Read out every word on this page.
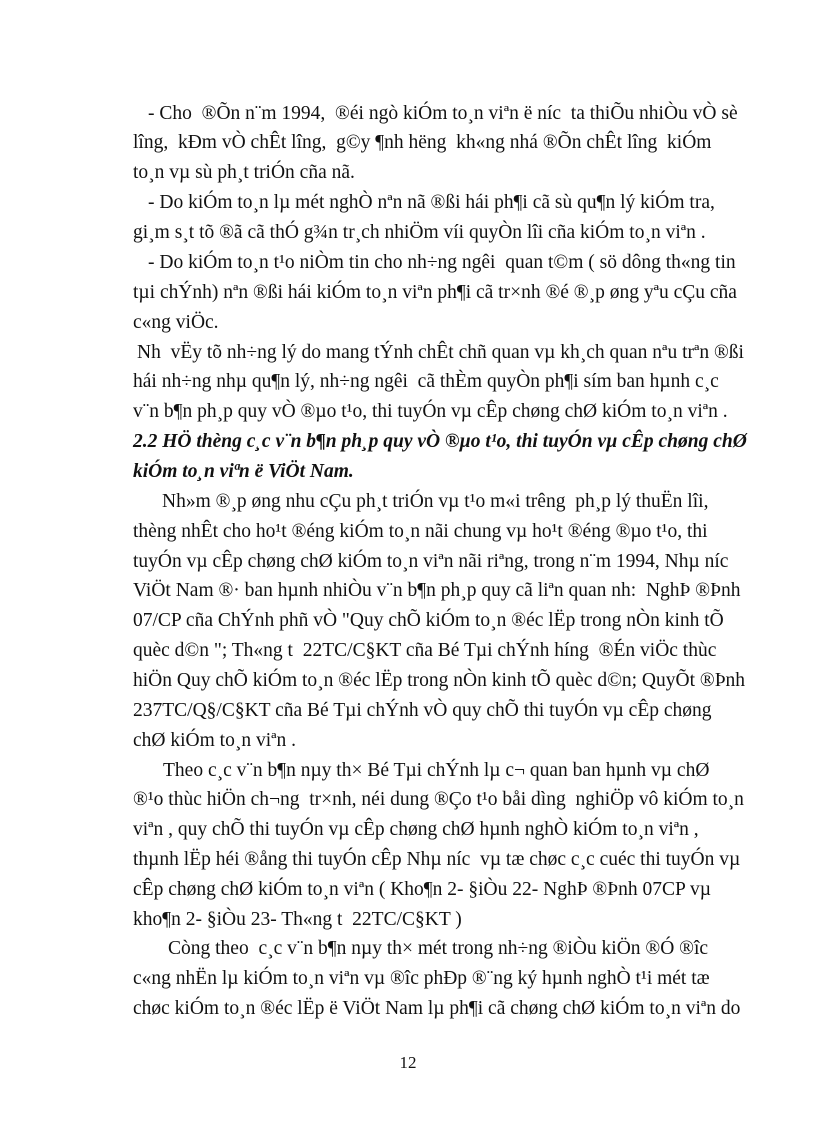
- Cho  ®Õn n¨m 1994,  ®éi ngò kiÓm to¸n viªn ë níc  ta thiÕu nhiÒu vÒ sè
lîng,  kÐm vÒ chÊt lîng,  g©y ¶nh hëng  kh«ng nhá ®Õn chÊt lîng  kiÓm
to¸n vµ sù ph¸t triÓn cña nã.
- Do kiÓm to¸n lµ mét nghÒ nªn nã ®ßi hái ph¶i cã sù qu¶n lý kiÓm tra,
gi¸m s¸t tõ ®ã cã thÓ g¾n tr¸ch nhiÖm víi quyÒn lîi cña kiÓm to¸n viªn .
- Do kiÓm to¸n t¹o niÒm tin cho nh÷ng ngêi  quan t©m ( sö dông th«ng tin
tµi chÝnh) nªn ®ßi hái kiÓm to¸n viªn ph¶i cã tr×nh ®é ®¸p øng yªu cÇu cña
c«ng viÖc.
Nh  vËy tõ nh÷ng lý do mang tÝnh chÊt chñ quan vµ kh¸ch quan nªu trªn ®ßi
hái nh÷ng nhµ qu¶n lý, nh÷ng ngêi  cã thÈm quyÒn ph¶i sím ban hµnh c¸c
v¨n b¶n ph¸p quy vÒ ®µo t¹o, thi tuyÓn vµ cÊp chøng chØ kiÓm to¸n viªn .
2.2 HÖ thèng c¸c v¨n b¶n ph¸p quy vÒ ®µo t¹o, thi tuyÓn vµ cÊp chøng chØ
kiÓm to¸n viªn ë ViÖt Nam.
Nh»m ®¸p øng nhu cÇu ph¸t triÓn vµ t¹o m«i trêng  ph¸p lý thuËn lîi,
thèng nhÊt cho ho¹t ®éng kiÓm to¸n nãi chung vµ ho¹t ®éng ®µo t¹o, thi
tuyÓn vµ cÊp chøng chØ kiÓm to¸n viªn nãi riªng, trong n¨m 1994, Nhµ níc
ViÖt Nam ®· ban hµnh nhiÒu v¨n b¶n ph¸p quy cã liªn quan nh:  NghÞ ®Þnh
07/CP cña ChÝnh phñ vÒ "Quy chÕ kiÓm to¸n ®éc lËp trong nÒn kinh tÕ
quèc d©n "; Th«ng t  22TC/C§KT cña Bé Tµi chÝnh híng  ®Én viÖc thùc
hiÖn Quy chÕ kiÓm to¸n ®éc lËp trong nÒn kinh tÕ quèc d©n; QuyÕt ®Þnh
237TC/Q§/C§KT cña Bé Tµi chÝnh vÒ quy chÕ thi tuyÓn vµ cÊp chøng
chØ kiÓm to¸n viªn .
Theo c¸c v¨n b¶n nµy th× Bé Tµi chÝnh lµ c¬ quan ban hµnh vµ chØ
®¹o thùc hiÖn ch¬ng  tr×nh, néi dung ®Ço t¹o båi dìng  nghiÖp vô kiÓm to¸n
viªn , quy chÕ thi tuyÓn vµ cÊp chøng chØ hµnh nghÒ kiÓm to¸n viªn ,
thµnh lËp héi ®ång thi tuyÓn cÊp Nhµ níc  vµ tæ chøc c¸c cuéc thi tuyÓn vµ
cÊp chøng chØ kiÓm to¸n viªn ( Kho¶n 2- §iÒu 22- NghÞ ®Þnh 07CP vµ
kho¶n 2- §iÒu 23- Th«ng t  22TC/C§KT )
Còng theo  c¸c v¨n b¶n nµy th× mét trong nh÷ng ®iÒu kiÖn ®Ó ®îc
c«ng nhËn lµ kiÓm to¸n viªn vµ ®îc phÐp ®¨ng ký hµnh nghÒ t¹i mét tæ
chøc kiÓm to¸n ®éc lËp ë ViÖt Nam lµ ph¶i cã chøng chØ kiÓm to¸n viªn do
12
